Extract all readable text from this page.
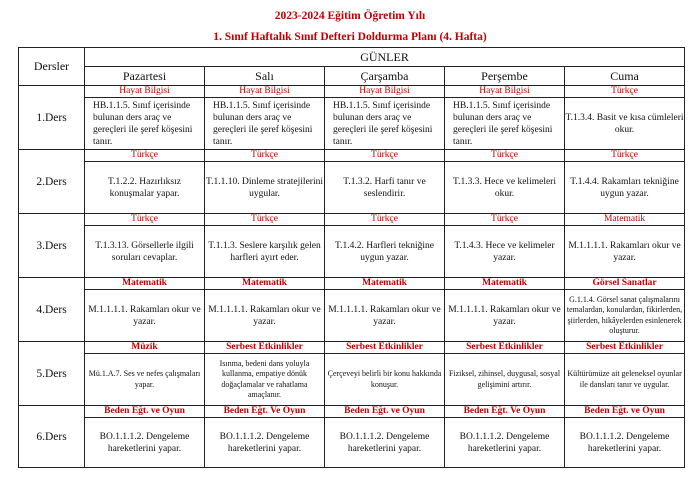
2023-2024 Eğitim Öğretim Yılı
1. Sınıf Haftalık Sınıf Defteri Doldurma Planı (4. Hafta)
Dersler	GÜNLER				
	Pazartesi	Salı	Çarşamba	Perşembe	Cuma
1.Ders	Hayat Bilgisi	Hayat Bilgisi	Hayat Bilgisi	Hayat Bilgisi	Türkçe
	HB.1.1.5. Sınıf içerisinde bulunan ders araç ve gereçleri ile şeref köşesini tanır.	HB.1.1.5. Sınıf içerisinde bulunan ders araç ve gereçleri ile şeref köşesini tanır.	HB.1.1.5. Sınıf içerisinde bulunan ders araç ve gereçleri ile şeref köşesini tanır.	HB.1.1.5. Sınıf içerisinde bulunan ders araç ve gereçleri ile şeref köşesini tanır.	T.1.3.4. Basit ve kısa cümleleri okur.
2.Ders	Türkçe	Türkçe	Türkçe	Türkçe	Türkçe
	T.1.2.2. Hazırlıksız konuşmalar yapar.	T.1.1.10. Dinleme stratejilerini uygular.	T.1.3.2. Harfi tanır ve seslendirir.	T.1.3.3. Hece ve kelimeleri okur.	T.1.4.4. Rakamları tekniğine uygun yazar.
3.Ders	Türkçe	Türkçe	Türkçe	Türkçe	Matematik
	T.1.3.13. Görsellerle ilgili soruları cevaplar.	T.1.1.3. Seslere karşılık gelen harfleri ayırt eder.	T.1.4.2. Harfleri tekniğine uygun yazar.	T.1.4.3. Hece ve kelimeler yazar.	M.1.1.1.1. Rakamları okur ve yazar.
4.Ders	Matematik	Matematik	Matematik	Matematik	Görsel Sanatlar
	M.1.1.1.1. Rakamları okur ve yazar.	M.1.1.1.1. Rakamları okur ve yazar.	M.1.1.1.1. Rakamları okur ve yazar.	M.1.1.1.1. Rakamları okur ve yazar.	G.1.1.4. Görsel sanat çalışmalarını temalardan, konulardan, fikirlerden, şiirlerden, hikâyelerden esinlenerek oluşturur.
5.Ders	Müzik	Serbest Etkinlikler	Serbest Etkinlikler	Serbest Etkinlikler	Serbest Etkinlikler
	Mü.1.A.7. Ses ve nefes çalışmaları yapar.	Isınma, bedeni dans yoluyla kullanma, empatiye dönük doğaçlamalar ve rahatlama amaçlanır.	Çerçeveyi belirli bir konu hakkında konuşur.	Fiziksel, zihinsel, duygusal, sosyal gelişimini artırır.	Kültürümüze ait geleneksel oyunlar ile dansları tanır ve uygular.
6.Ders	Beden Eğt. ve Oyun	Beden Eğt. Ve Oyun	Beden Eğt. ve Oyun	Beden Eğt. Ve Oyun	Beden Eğt. ve Oyun
	BO.1.1.1.2. Dengeleme hareketlerini yapar.	BO.1.1.1.2. Dengeleme hareketlerini yapar.	BO.1.1.1.2. Dengeleme hareketlerini yapar.	BO.1.1.1.2. Dengeleme hareketlerini yapar.	BO.1.1.1.2. Dengeleme hareketlerini yapar.
